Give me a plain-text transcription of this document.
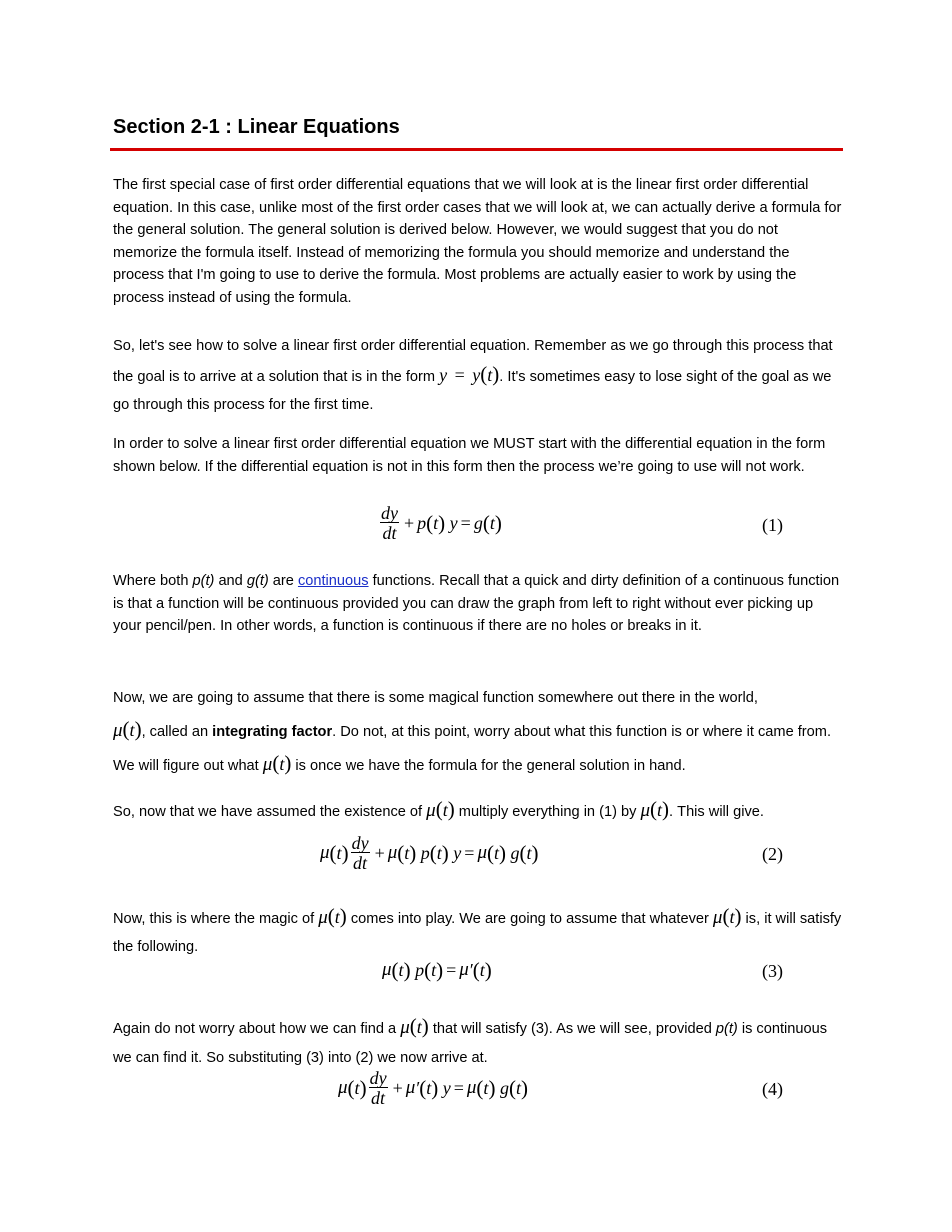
Section 2-1 : Linear Equations

The first special case of first order differential equations that we will look at is the linear first order differential equation. In this case, unlike most of the first order cases that we will look at, we can actually derive a formula for the general solution. The general solution is derived below. However, we would suggest that you do not memorize the formula itself. Instead of memorizing the formula you should memorize and understand the process that I'm going to use to derive the formula. Most problems are actually easier to work by using the process instead of using the formula.

So, let's see how to solve a linear first order differential equation. Remember as we go through this process that the goal is to arrive at a solution that is in the form y = y(t). It's sometimes easy to lose sight of the goal as we go through this process for the first time.

In order to solve a linear first order differential equation we MUST start with the differential equation in the form shown below. If the differential equation is not in this form then the process we’re going to use will not work.

$\frac{dy}{dt} + p$ ( t ) y = g ( t )	(1)

Where both p(t) and g(t) are continuous functions. Recall that a quick and dirty definition of a continuous function is that a function will be continuous provided you can draw the graph from left to right without ever picking up your pencil/pen. In other words, a function is continuous if there are no holes or breaks in it.

Now, we are going to assume that there is some magical function somewhere out there in the world,
μ(t), called an integrating factor. Do not, at this point, worry about what this function is or where it came from. We will figure out what μ(t) is once we have the formula for the general solution in hand.

So, now that we have assumed the existence of μ(t) multiply everything in (1) by μ(t). This will give.

μ ( t ) $\frac{dy}{dt} + \mu$ ( t ) p ( t ) y = μ ( t ) g ( t )	(2)

Now, this is where the magic of μ(t) comes into play. We are going to assume that whatever μ(t) is, it will satisfy the following.

μ ( t ) p ( t ) = μ ′ ( t )	(3)

Again do not worry about how we can find a μ(t) that will satisfy (3). As we will see, provided p(t) is continuous we can find it. So substituting (3) into (2) we now arrive at.

μ ( t ) $\frac{dy}{dt} + \mu$ ′ ( t ) y = μ ( t ) g ( t )	(4)
